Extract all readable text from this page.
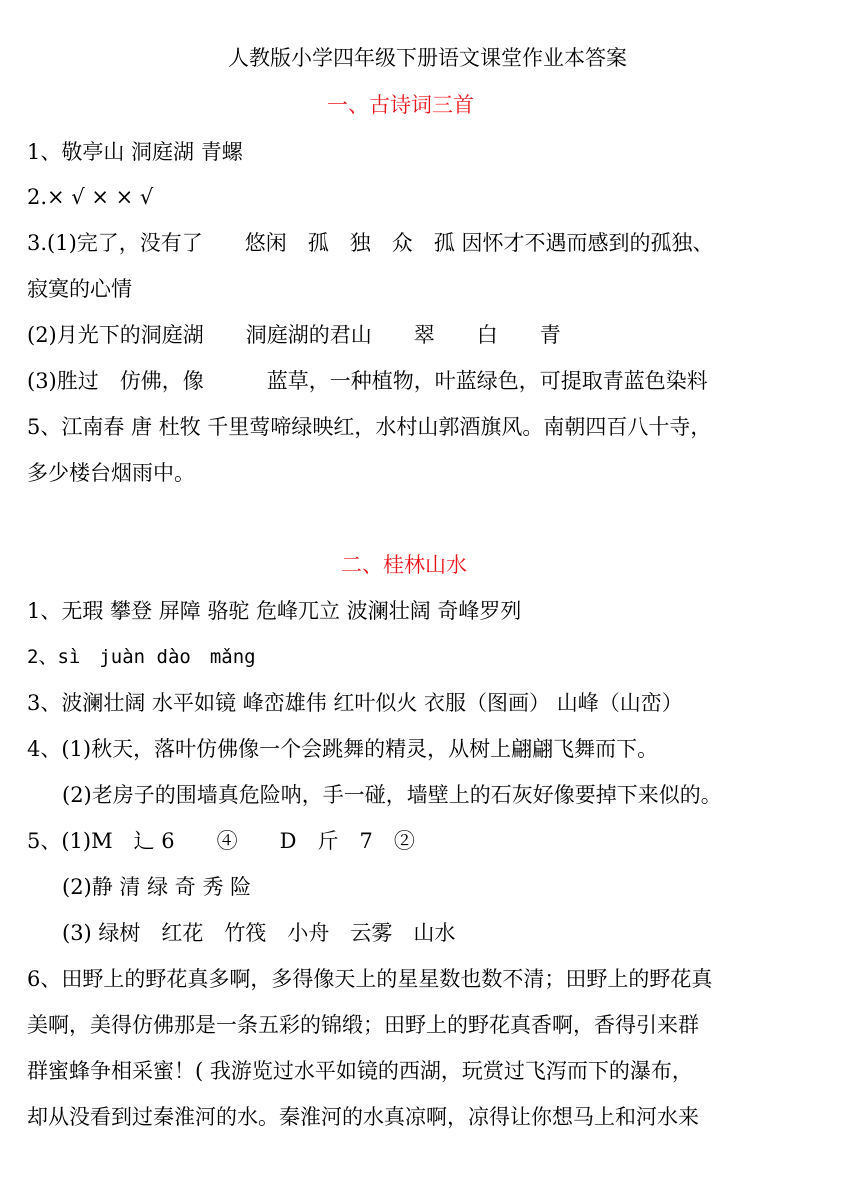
人教版小学四年级下册语文课堂作业本答案
一、古诗词三首
1、敬亭山 洞庭湖 青螺
2.× √ × × √
3.(1)完了，没有了　　悠闲　孤　独　众　孤 因怀才不遇而感到的孤独、
寂寞的心情
(2)月光下的洞庭湖　　洞庭湖的君山　　翠　　白　　青
(3)胜过　仿佛，像　　　蓝草，一种植物，叶蓝绿色，可提取青蓝色染料
5、江南春 唐 杜牧 千里莺啼绿映红，水村山郭酒旗风。南朝四百八十寺，
多少楼台烟雨中。
二、桂林山水
1、无瑕 攀登 屏障 骆驼 危峰兀立 波澜壮阔 奇峰罗列
2、sì　juàn dào　mǎng
3、波澜壮阔 水平如镜 峰峦雄伟 红叶似火 衣服（图画） 山峰（山峦）
4、(1)秋天，落叶仿佛像一个会跳舞的精灵，从树上翩翩飞舞而下。
(2)老房子的围墙真危险呐，手一碰，墙壁上的石灰好像要掉下来似的。
5、(1)M　辶 6　　④　　D　斤　7　②
(2)静 清 绿 奇 秀 险
(3) 绿树　红花　竹筏　小舟　云雾　山水
6、田野上的野花真多啊，多得像天上的星星数也数不清；田野上的野花真
美啊，美得仿佛那是一条五彩的锦缎；田野上的野花真香啊，香得引来群
群蜜蜂争相采蜜！( 我游览过水平如镜的西湖，玩赏过飞泻而下的瀑布，
却从没看到过秦淮河的水。秦淮河的水真凉啊，凉得让你想马上和河水来
